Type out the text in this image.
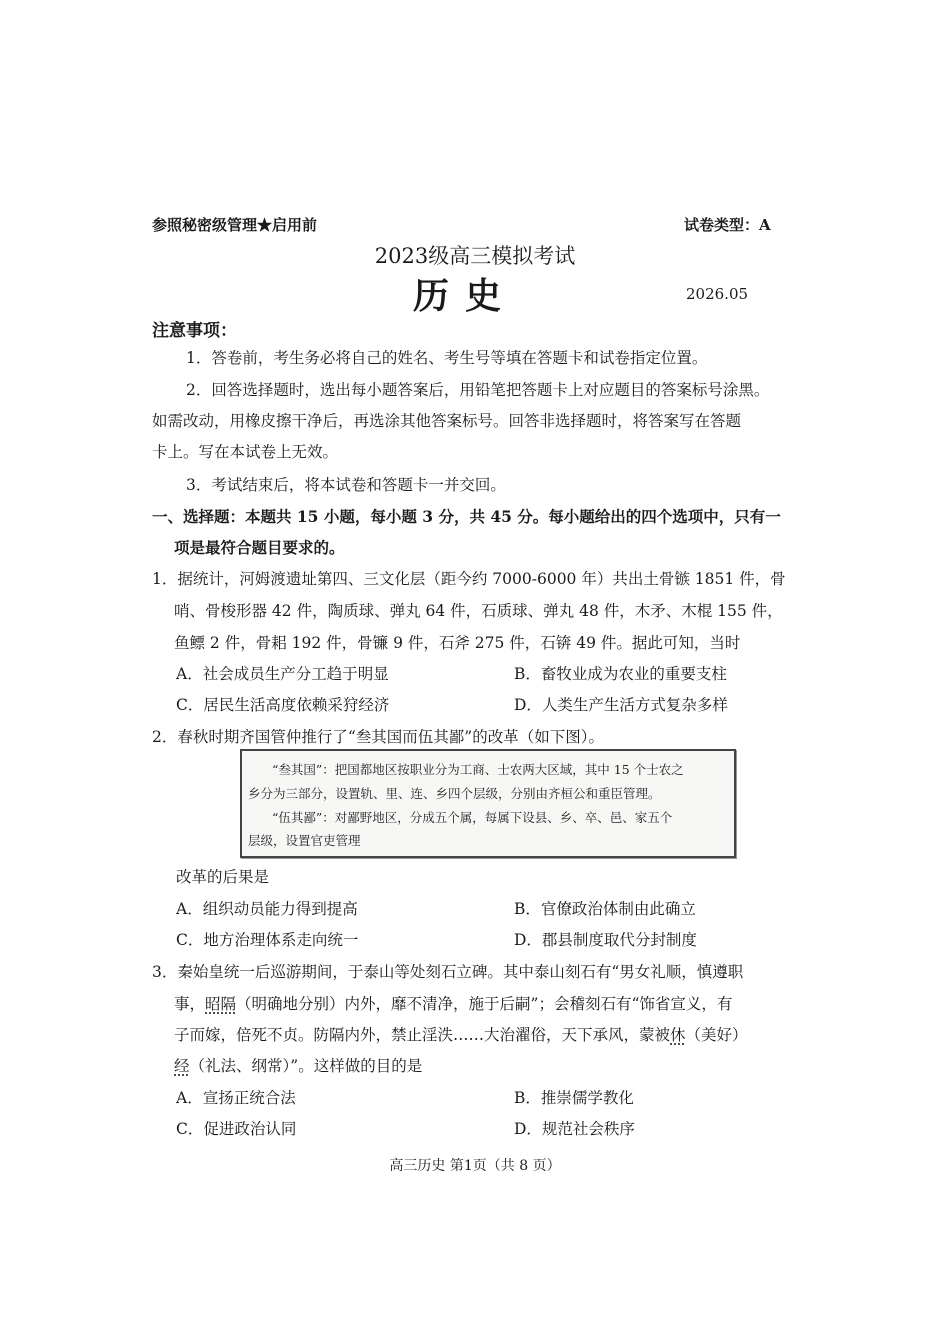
参照秘密级管理★启用前	试卷类型：A
2023级高三模拟考试
历史	2026.05
注意事项：
1．答卷前，考生务必将自己的姓名、考生号等填在答题卡和试卷指定位置。
2．回答选择题时，选出每小题答案后，用铅笔把答题卡上对应题目的答案标号涂黑。
如需改动，用橡皮擦干净后，再选涂其他答案标号。回答非选择题时，将答案写在答题
卡上。写在本试卷上无效。
3．考试结束后，将本试卷和答题卡一并交回。
一、选择题：本题共 15 小题，每小题 3 分，共 45 分。每小题给出的四个选项中，只有一
项是最符合题目要求的。
1．据统计，河姆渡遗址第四、三文化层（距今约 7000-6000 年）共出土骨镞 1851 件，骨
哨、骨梭形器 42 件，陶质球、弹丸 64 件，石质球、弹丸 48 件，木矛、木棍 155 件，
鱼鳔 2 件，骨耜 192 件，骨镰 9 件，石斧 275 件，石锛 49 件。据此可知，当时
A．社会成员生产分工趋于明显	B．畜牧业成为农业的重要支柱
C．居民生活高度依赖采狩经济	D．人类生产生活方式复杂多样
2．春秋时期齐国管仲推行了“叁其国而伍其鄙”的改革（如下图）。
“叁其国”：把国都地区按职业分为工商、士农两大区域，其中 15 个士农之
乡分为三部分，设置轨、里、连、乡四个层级，分别由齐桓公和重臣管理。
“伍其鄙”：对鄙野地区，分成五个属，每属下设县、乡、卒、邑、家五个
层级，设置官吏管理
改革的后果是
A．组织动员能力得到提高	B．官僚政治体制由此确立
C．地方治理体系走向统一	D．郡县制度取代分封制度
3．秦始皇统一后巡游期间，于泰山等处刻石立碑。其中泰山刻石有“男女礼顺，慎遵职
事，昭隔（明确地分别）内外，靡不清净，施于后嗣”；会稽刻石有“饰省宣义，有
子而嫁，倍死不贞。防隔内外，禁止淫泆……大治濯俗，天下承风，蒙被休（美好）
经（礼法、纲常）”。这样做的目的是
A．宣扬正统合法	B．推崇儒学教化
C．促进政治认同	D．规范社会秩序
高三历史 第1页（共 8 页）
